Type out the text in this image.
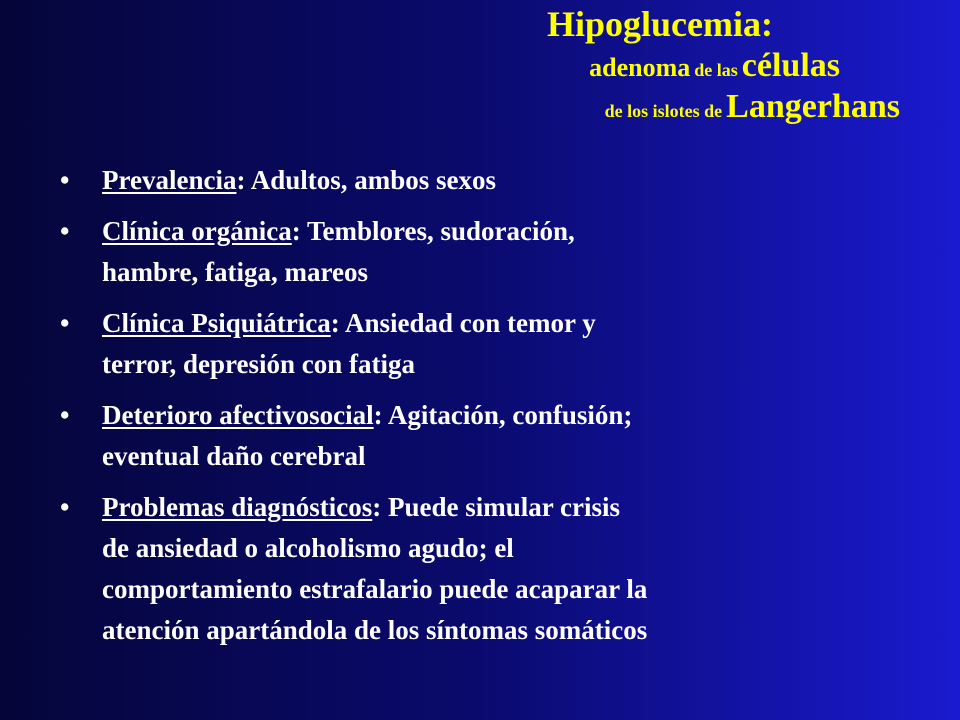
Hipoglucemia:
adenoma de las células
de los islotes de Langerhans
• Prevalencia: Adultos, ambos sexos
• Clínica orgánica: Temblores, sudoración,
hambre, fatiga, mareos
• Clínica Psiquiátrica: Ansiedad con temor y
terror, depresión con fatiga
• Deterioro afectivosocial: Agitación, confusión;
eventual daño cerebral
• Problemas diagnósticos: Puede simular crisis
de ansiedad o alcoholismo agudo; el
comportamiento estrafalario puede acaparar la
atención apartándola de los síntomas somáticos
